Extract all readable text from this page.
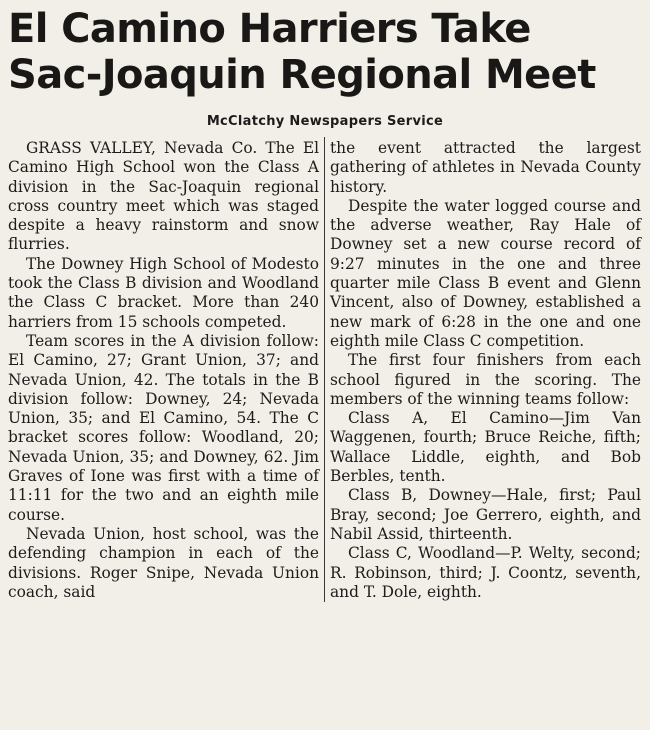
El Camino Harriers Take
Sac-Joaquin Regional Meet
McClatchy Newspapers Service

GRASS VALLEY, Nevada Co. The El Camino High School won the Class A division in the Sac-Joaquin regional cross country meet which was staged despite a heavy rainstorm and snow flurries.

The Downey High School of Modesto took the Class B division and Woodland the Class C bracket. More than 240 harriers from 15 schools competed.

Team scores in the A division follow: El Camino, 27; Grant Union, 37; and Nevada Union, 42. The totals in the B division follow: Downey, 24; Nevada Union, 35; and El Camino, 54. The C bracket scores follow: Woodland, 20; Nevada Union, 35; and Downey, 62. Jim Graves of Ione was first with a time of 11:11 for the two and an eighth mile course.

Nevada Union, host school, was the defending champion in each of the divisions. Roger Snipe, Nevada Union coach, said

the event attracted the largest gathering of athletes in Nevada County history.

Despite the water logged course and the adverse weather, Ray Hale of Downey set a new course record of 9:27 minutes in the one and three quarter mile Class B event and Glenn Vincent, also of Downey, established a new mark of 6:28 in the one and one eighth mile Class C competition.

The first four finishers from each school figured in the scoring. The members of the winning teams follow:

Class A, El Camino—Jim Van Waggenen, fourth; Bruce Reiche, fifth; Wallace Liddle, eighth, and Bob Berbles, tenth.

Class B, Downey—Hale, first; Paul Bray, second; Joe Gerrero, eighth, and Nabil Assid, thirteenth.

Class C, Woodland—P. Welty, second; R. Robinson, third; J. Coontz, seventh, and T. Dole, eighth.
